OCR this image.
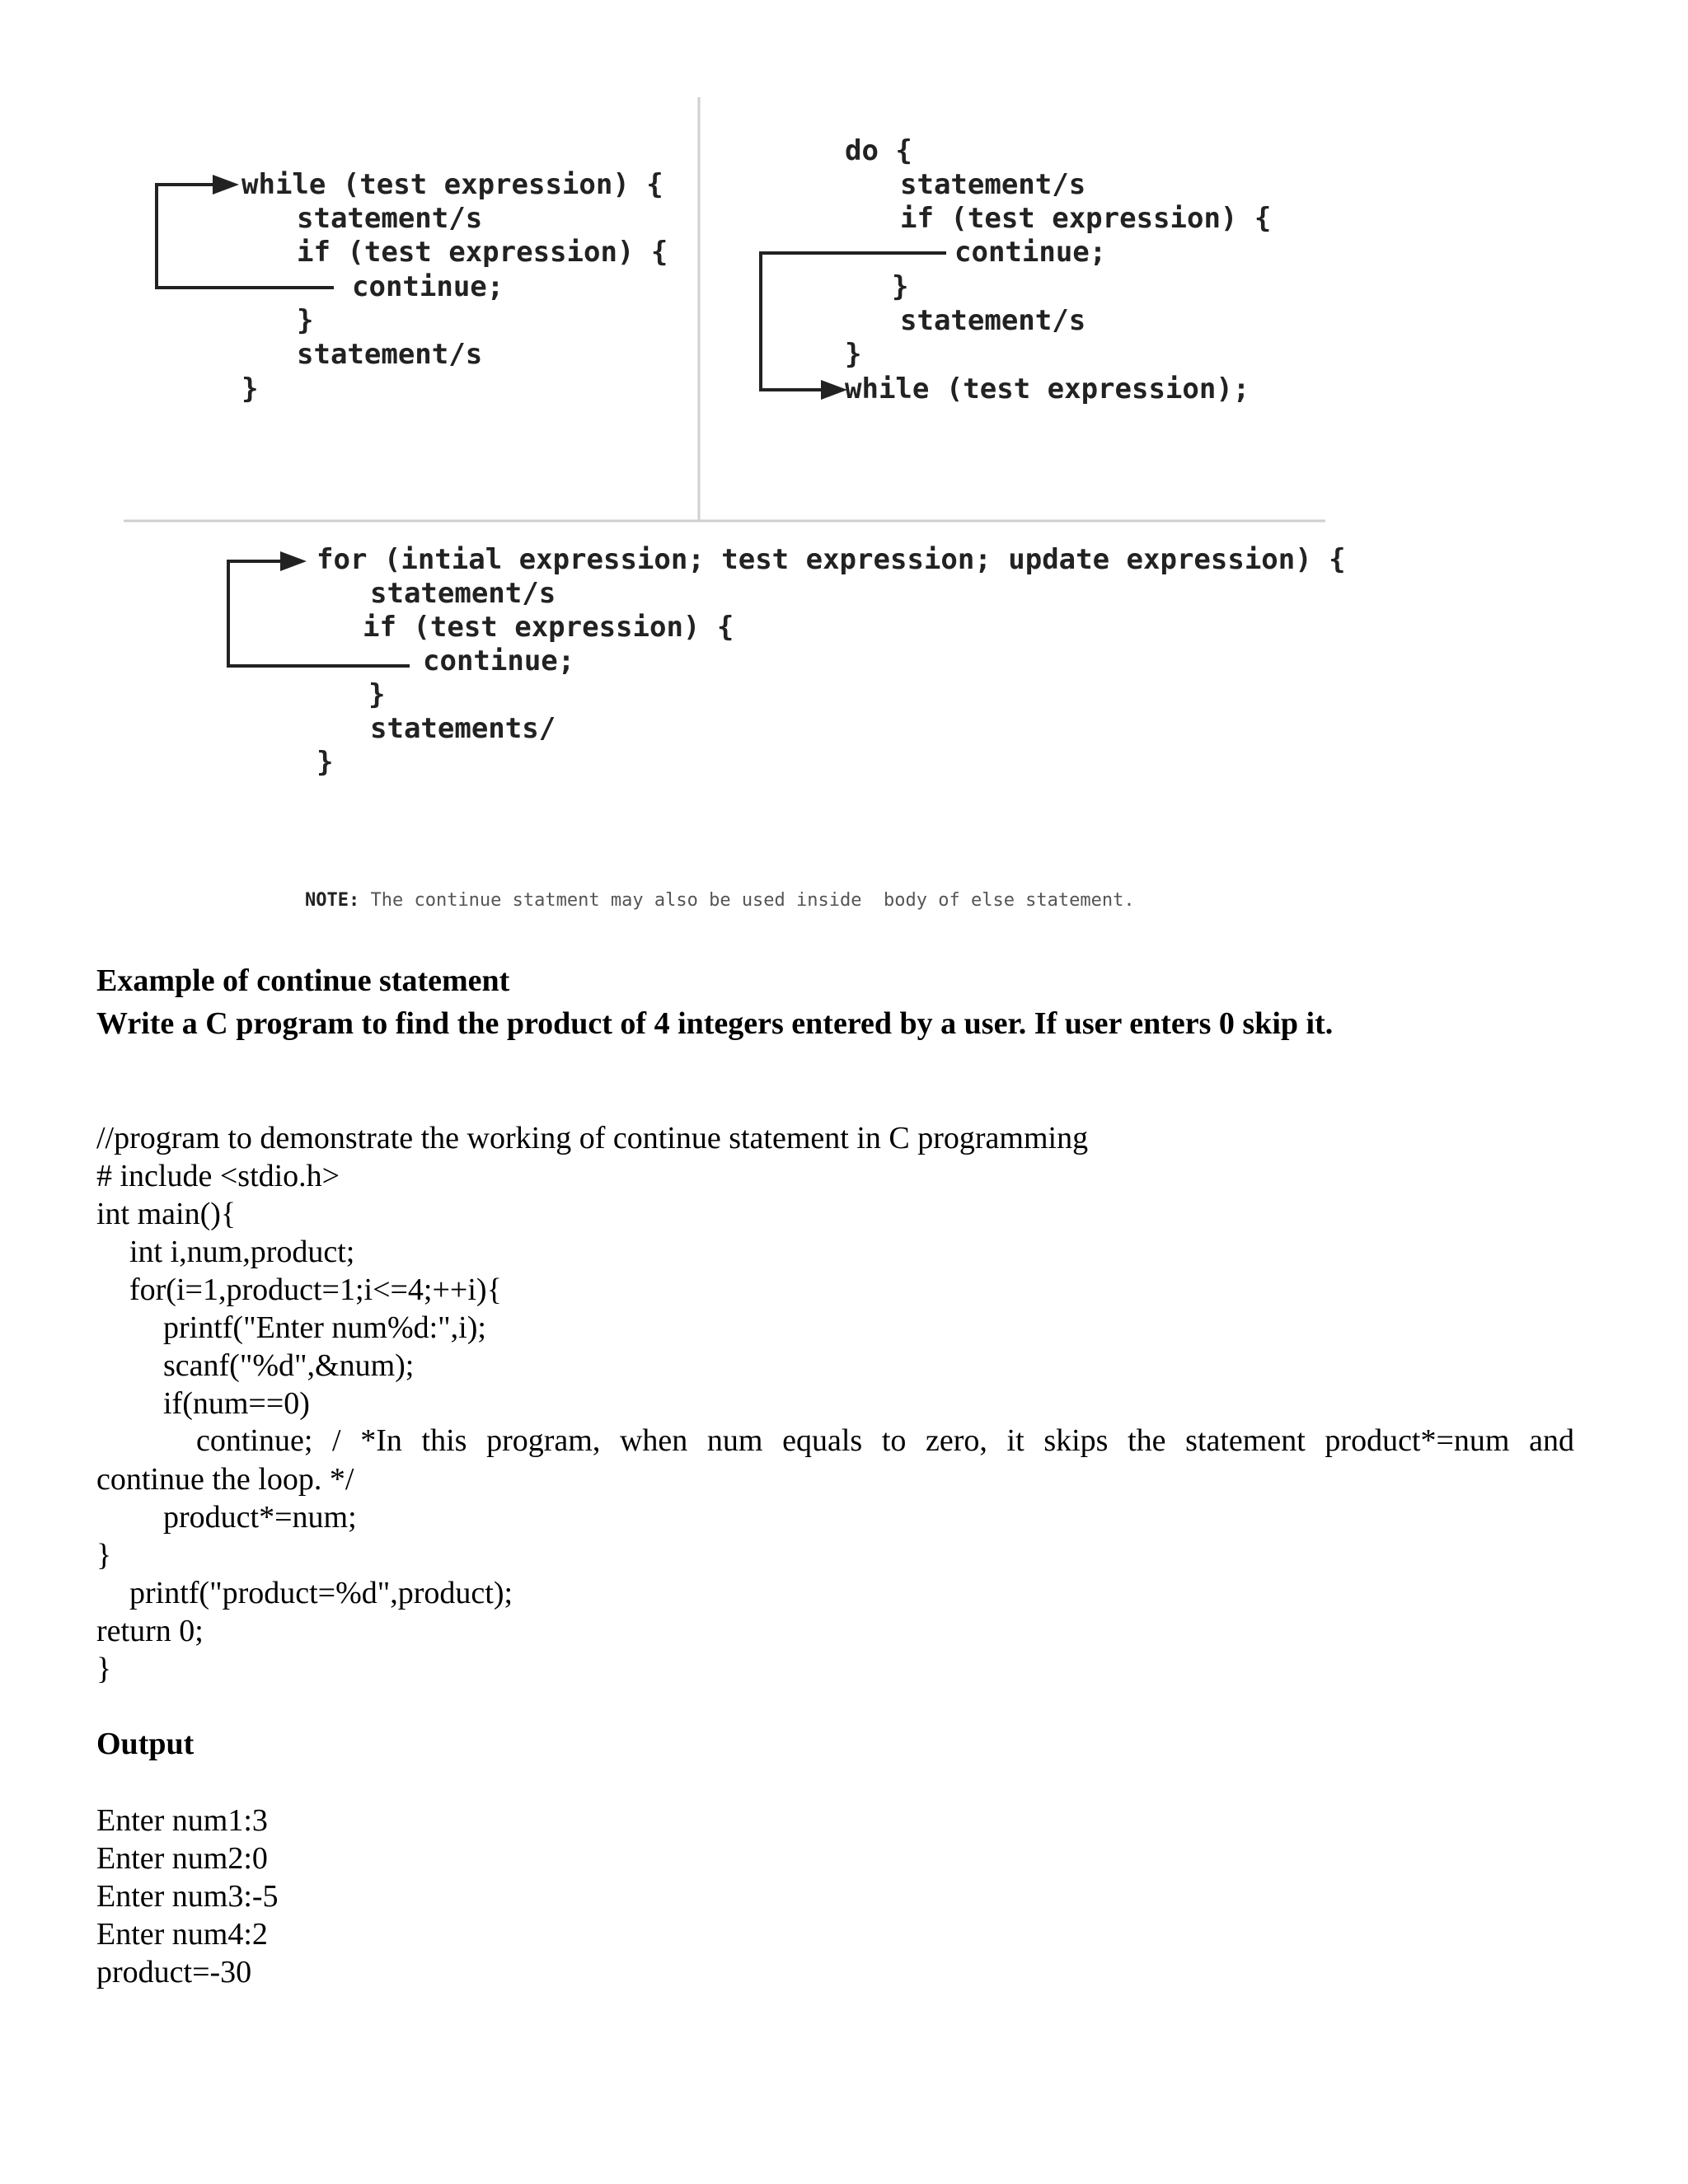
while (test expression) {
statement/s
if (test expression) {
continue;
}
statement/s
}
do {
statement/s
if (test expression) {
continue;
}
statement/s
}
while (test expression);
for (intial expression; test expression; update expression) {
statement/s
if (test expression) {
continue;
}
statements/
}
NOTE: The continue statment may also be used inside  body of else statement.
Example of continue statement
Write a C program to find the product of 4 integers entered by a user. If user enters 0 skip it.
//program to demonstrate the working of continue statement in C programming
# include <stdio.h>
int main(){
int i,num,product;
for(i=1,product=1;i<=4;++i){
printf("Enter num%d:",i);
scanf("%d",&num);
if(num==0)
continue; / *In this program, when num equals to zero, it skips the statement product*=num and
continue the loop. */
product*=num;
}
printf("product=%d",product);
return 0;
}
Output
Enter num1:3
Enter num2:0
Enter num3:-5
Enter num4:2
product=-30
